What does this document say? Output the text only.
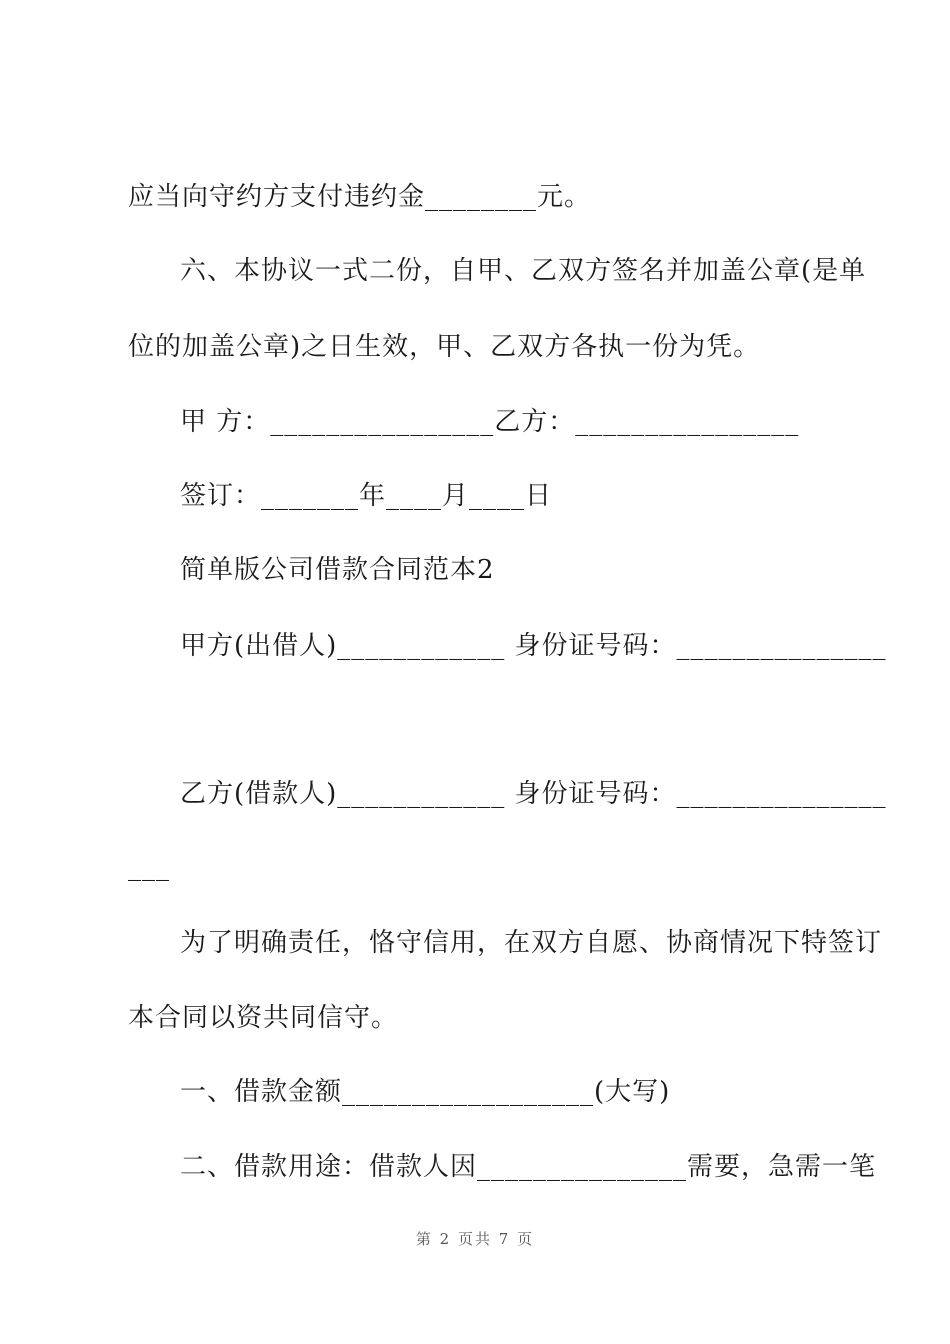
应当向守约方支付违约金________元。
六、本协议一式二份，自甲、乙双方签名并加盖公章(是单
位的加盖公章)之日生效，甲、乙双方各执一份为凭。
甲 方：________________乙方：________________
签订：_______年____月____日
简单版公司借款合同范本2
甲方(出借人)____________ 身份证号码：_______________
乙方(借款人)____________ 身份证号码：_______________
___
为了明确责任，恪守信用，在双方自愿、协商情况下特签订
本合同以资共同信守。
一、借款金额__________________(大写)
二、借款用途：借款人因_______________需要，急需一笔
第 2 页共 7 页
